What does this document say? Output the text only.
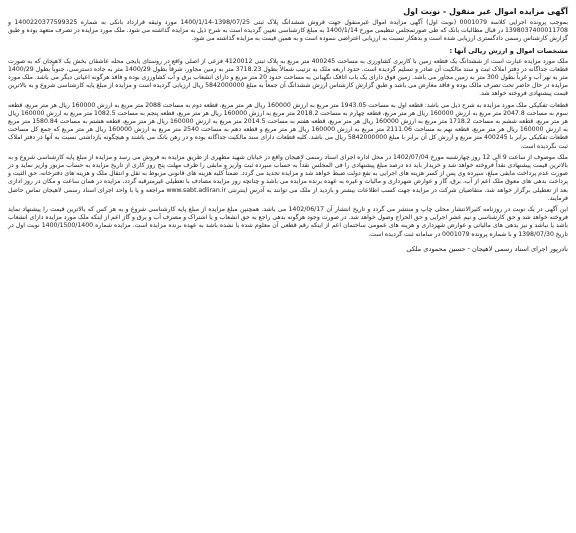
آگهی مزایده اموال غیر منقول - نوبت اول
بموجب پرونده اجرایی کلاسه 0001079 (نوبت اول) آگهی مزایده اموال غیرمنقول جهت فروش ششدانگ پلاک ثبتی 1398/07/25-1400/1/14 مورد وثیقه قرارداد بانکی به شماره 1400220377599325 و 1398037400011708 در قبال مطالبات بانک که طی صورتمجلس تنظیمی مورخ 1400/1/14 به مبلغ کارشناسی تعیین گردیده است به شرح ذیل به مزایده گذاشته می شود. ملک مورد مزایده در تصرف متعهد بوده و طبق گزارش کارشناس رسمی دادگستری ارزیابی شده است و بدهکار نسبت به ارزیابی اعتراضی ننموده است و به همین قیمت به مزایده گذاشته می شود.
مشخصات اموال و ارزش ریالی آنها :
ملک مورد مزایده عبارت است از ششدانگ یک قطعه زمین با کاربری کشاورزی به مساحت 400245 متر مربع به پلاک ثبتی 4120012 فرعی از اصلی واقع در روستای یایجی محله عاشقان بخش یک لاهیجان که به صورت قطعات جداگانه در دفتر املاک ثبت و سند مالکیت آن صادر و تسلیم گردیده است. حدود اربعه ملک به ترتیب شمالاً بطول 3718.23 متر به زمین مجاور، شرقاً بطول 1400/29 متر به جاده دسترسی، جنوباً بطول 1400/29 متر به نهر آب و غرباً بطول 300 متر به زمین مجاور می باشد. زمین فوق دارای یک باب اتاقک نگهبانی به مساحت حدود 20 متر مربع و دارای انشعاب برق و آب کشاورزی بوده و فاقد هرگونه اعیانی دیگر می باشد. ملک مورد مزایده در حال حاضر تحت تصرف مالک بوده و فاقد معارض می باشد و طبق گزارش کارشناس ارزش ششدانگ آن جمعاً به مبلغ 5842000000 ریال ارزیابی گردیده است و مزایده از مبلغ پایه کارشناسی شروع و به بالاترین قیمت پیشنهادی فروخته خواهد شد.
قطعات تفکیکی ملک مورد مزایده به شرح ذیل می باشد: قطعه اول به مساحت 1943.05 متر مربع به ارزش 160000 ریال هر متر مربع، قطعه دوم به مساحت 2088 متر مربع به ارزش 160000 ریال هر متر مربع، قطعه سوم به مساحت 2047.8 متر مربع به ارزش 160000 ریال هر متر مربع، قطعه چهارم به مساحت 2018.2 متر مربع به ارزش 160000 ریال هر متر مربع، قطعه پنجم به مساحت 1082.5 متر مربع به ارزش 160000 ریال هر متر مربع، قطعه ششم به مساحت 1718.2 متر مربع به ارزش 160000 ریال هر متر مربع، قطعه هفتم به مساحت 2014.5 متر مربع به ارزش 160000 ریال هر متر مربع، قطعه هشتم به مساحت 1580.84 متر مربع به ارزش 160000 ریال هر متر مربع، قطعه نهم به مساحت 2111.06 متر مربع به ارزش 160000 ریال هر متر مربع و قطعه دهم به مساحت 2540 متر مربع به ارزش 160000 ریال هر متر مربع که جمع کل مساحت قطعات تفکیکی برابر با 400245 متر مربع و ارزش کل آن برابر با مبلغ 5842000000 ریال می باشد. کلیه قطعات دارای سند مالکیت جداگانه بوده و در رهن بانک می باشند و هیچگونه بازداشتی نسبت به آنها در دفتر املاک ثبت نگردیده است.
ملک موصوف از ساعت 9 الی 12 روز چهارشنبه مورخ 1402/07/04 در محل اداره اجرای اسناد رسمی لاهیجان واقع در خیابان شهید مطهری از طریق مزایده به فروش می رسد و مزایده از مبلغ پایه کارشناسی شروع و به بالاترین قیمت پیشنهادی نقداً فروخته خواهد شد و خریدار باید ده درصد مبلغ پیشنهادی را فی المجلس نقداً به حساب سپرده ثبت واریز و مابقی را ظرف مهلت پنج روز کاری از تاریخ مزایده به حساب مزبور واریز نماید و در صورت عدم پرداخت مابقی مبلغ، سپرده وی پس از کسر هزینه های اجرایی به نفع دولت ضبط خواهد شد و مزایده تجدید می گردد. ضمناً کلیه هزینه های قانونی مربوط به نقل و انتقال ملک و هزینه های دفترخانه، حق الثبت و پرداخت بدهی های معوق ملک اعم از آب، برق، گاز و عوارض شهرداری و مالیات و غیره به عهده برنده مزایده می باشد و چنانچه روز مزایده مصادف با تعطیلی غیرمترقبه گردد، مزایده در همان ساعت و مکان در روز اداری بعد از تعطیلی برگزار خواهد شد. متقاضیان شرکت در مزایده جهت کسب اطلاعات بیشتر و بازدید از ملک می توانند به آدرس اینترنتی www.sabt.adliran.ir مراجعه و یا با واحد اجرای اسناد رسمی لاهیجان تماس حاصل فرمایند.
این آگهی در یک نوبت در روزنامه کثیرالانتشار محلی چاپ و منتشر می گردد و تاریخ انتشار آن 1402/06/17 می باشد. همچنین مبلغ مزایده از مبلغ پایه کارشناسی شروع و به هر کس که بالاترین قیمت را پیشنهاد نماید فروخته خواهد شد و حق کارشناسی و نیم عشر اجرایی و حق الحراج وصول خواهد شد. در صورت وجود هرگونه بدهی راجع به حق انشعاب و یا اشتراک و مصرف آب و برق و گاز اعم از اینکه ملک مورد مزایده دارای انشعاب باشد یا نباشد و نیز بدهی های مالیاتی و عوارض شهرداری و هزینه های عمومی ساختمان اعم از اینکه رقم قطعی آن معلوم شده یا نشده باشد به عهده برنده مزایده است. مزایده شماره 1400/1500/1400 نوبت اول در تاریخ 1398/07/30 و با شماره پرونده 0001079 در سامانه ثبت گردیده است.
نادرپور اجرای اسناد رسمی لاهیجان - حسین محمودی ملکی
